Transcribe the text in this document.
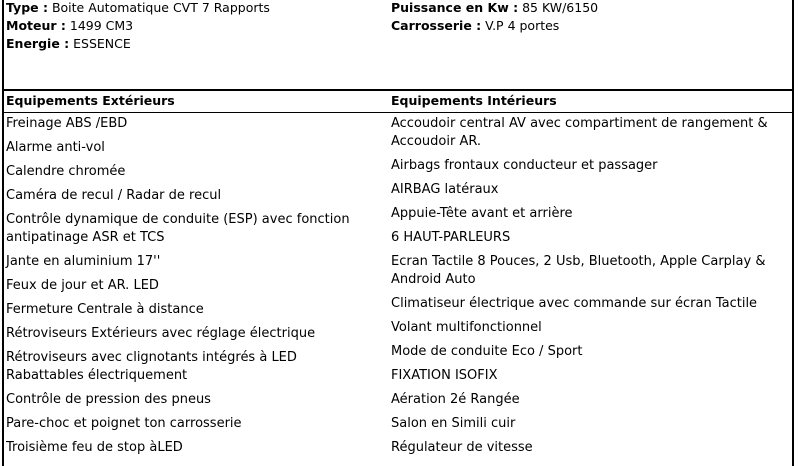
Type : Boite Automatique CVT 7 Rapports
Moteur : 1499 CM3
Energie : ESSENCE
Puissance en Kw : 85 KW/6150
Carrosserie : V.P 4 portes
Equipements Extérieurs	Equipements Intérieurs
Freinage ABS /EBD
Alarme anti-vol
Calendre chromée
Caméra de recul / Radar de recul
Contrôle dynamique de conduite (ESP) avec fonction antipatinage ASR et TCS
Jante en aluminium 17''
Feux de jour et AR. LED
Fermeture Centrale à distance
Rétroviseurs Extérieurs avec réglage électrique
Rétroviseurs avec clignotants intégrés à LED Rabattables électriquement
Contrôle de pression des pneus
Pare-choc et poignet ton carrosserie
Troisième feu de stop àLED
Accoudoir central AV avec compartiment de rangement & Accoudoir AR.
Airbags frontaux conducteur et passager
AIRBAG latéraux
Appuie-Tête avant et arrière
6 HAUT-PARLEURS
Ecran Tactile 8 Pouces, 2 Usb, Bluetooth, Apple Carplay & Android Auto
Climatiseur électrique avec commande sur écran Tactile
Volant multifonctionnel
Mode de conduite Eco / Sport
FIXATION ISOFIX
Aération 2é Rangée
Salon en Simili cuir
Régulateur de vitesse
